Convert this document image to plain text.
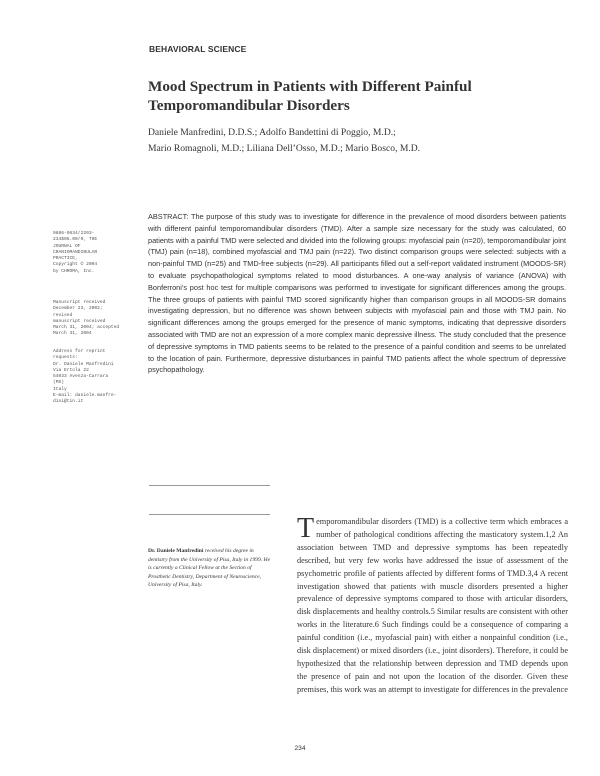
BEHAVIORAL SCIENCE
Mood Spectrum in Patients with Different Painful
Temporomandibular Disorders
Daniele Manfredini, D.D.S.; Adolfo Bandettini di Poggio, M.D.;
Mario Romagnoli, M.D.; Liliana Dell’Osso, M.D.; Mario Bosco, M.D.

ABSTRACT: The purpose of this study was to investigate for difference in the prevalence of mood disorders between patients with different painful temporomandibular disorders (TMD). After a sample size necessary for the study was calculated, 60 patients with a painful TMD were selected and divided into the following groups: myofascial pain (n=20), temporomandibular joint (TMJ) pain (n=18), combined myofascial and TMJ pain (n=22). Two distinct comparison groups were selected: subjects with a non-painful TMD (n=25) and TMD-free subjects (n=29). All participants filled out a self-report validated instrument (MOODS-SR) to evaluate psychopathological symptoms related to mood disturbances. A one-way analysis of variance (ANOVA) with Bonferroni’s post hoc test for multiple comparisons was performed to investigate for significant differences among the groups. The three groups of patients with painful TMD scored significantly higher than comparison groups in all MOODS-SR domains investigating depression, but no difference was shown between subjects with myofascial pain and those with TMJ pain. No significant differences among the groups emerged for the presence of manic symptoms, indicating that depressive disorders associated with TMD are not an expression of a more complex manic depressive illness. The study concluded that the presence of depressive symptoms in TMD patients seems to be related to the presence of a painful condition and seems to be unrelated to the location of pain. Furthermore, depressive disturbances in painful TMD patients affect the whole spectrum of depressive psychopathology.

0886-9634/2203-
234$05.00/0, THE
JOURNAL OF
CRANIOMANDIBULAR
PRACTICE,
Copyright © 2004
by CHROMA, Inc.
Manuscript received
December 23, 2002;
revised
manuscript received
March 31, 2004; accepted
March 31, 2004
Address for reprint
requests:
Dr. Daniele Manfredini
Via Ertola 22
54033 Avenza-Carrara
(MS)
Italy
E-mail: daniele.manfre-
dini@tin.it
Dr. Daniele Manfredini received his degree in dentistry from the University of Pisa, Italy in 1999. He is currently a Clinical Fellow at the Section of Prosthetic Dentistry, Department of Neuroscience, University of Pisa, Italy.

Temporomandibular disorders (TMD) is a collective term which embraces a number of pathological conditions affecting the masticatory system.1,2 An association between TMD and depressive symptoms has been repeatedly described, but very few works have addressed the issue of assessment of the psychometric profile of patients affected by different forms of TMD.3,4 A recent investigation showed that patients with muscle disorders presented a higher prevalence of depressive symptoms compared to those with articular disorders, disk displacements and healthy controls.5 Similar results are consistent with other works in the literature.6 Such findings could be a consequence of comparing a painful condition (i.e., myofascial pain) with either a nonpainful condition (i.e., disk displacement) or mixed disorders (i.e., joint disorders). Therefore, it could be hypothesized that the relationship between depression and TMD depends upon the presence of pain and not upon the location of the disorder. Given these premises, this work was an attempt to investigate for differences in the prevalence

234
